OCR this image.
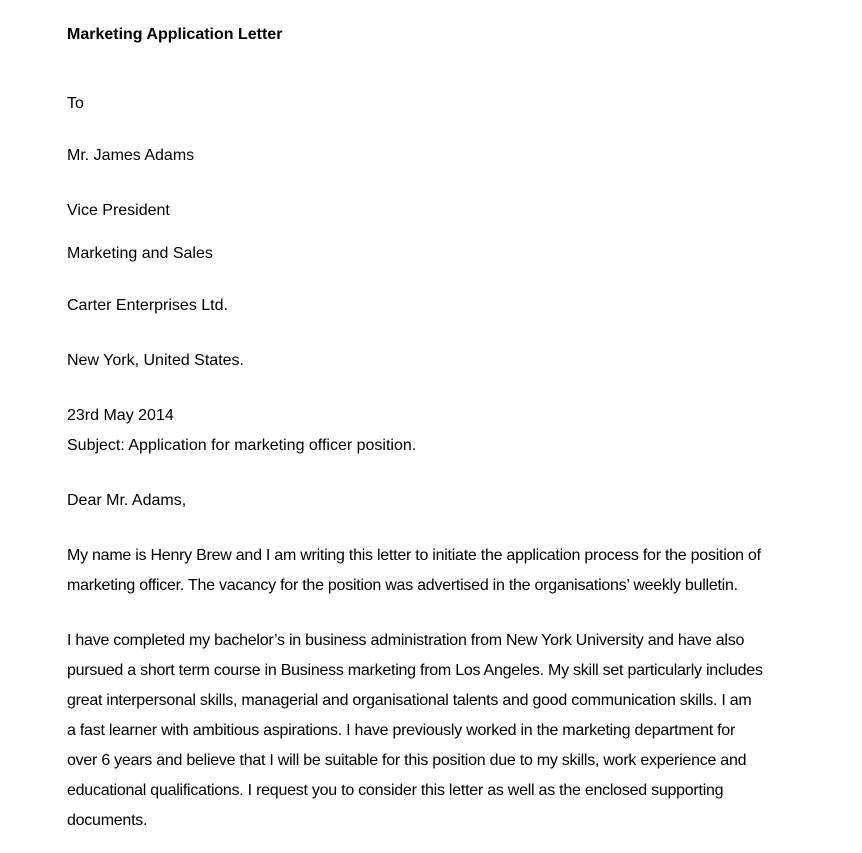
Marketing Application Letter
To
Mr. James Adams
Vice President
Marketing and Sales
Carter Enterprises Ltd.
New York, United States.
23rd May 2014
Subject: Application for marketing officer position.
Dear Mr. Adams,
My name is Henry Brew and I am writing this letter to initiate the application process for the position of
marketing officer. The vacancy for the position was advertised in the organisations’ weekly bulletin.
I have completed my bachelor’s in business administration from New York University and have also
pursued a short term course in Business marketing from Los Angeles. My skill set particularly includes
great interpersonal skills, managerial and organisational talents and good communication skills. I am
a fast learner with ambitious aspirations. I have previously worked in the marketing department for
over 6 years and believe that I will be suitable for this position due to my skills, work experience and
educational qualifications. I request you to consider this letter as well as the enclosed supporting
documents.
